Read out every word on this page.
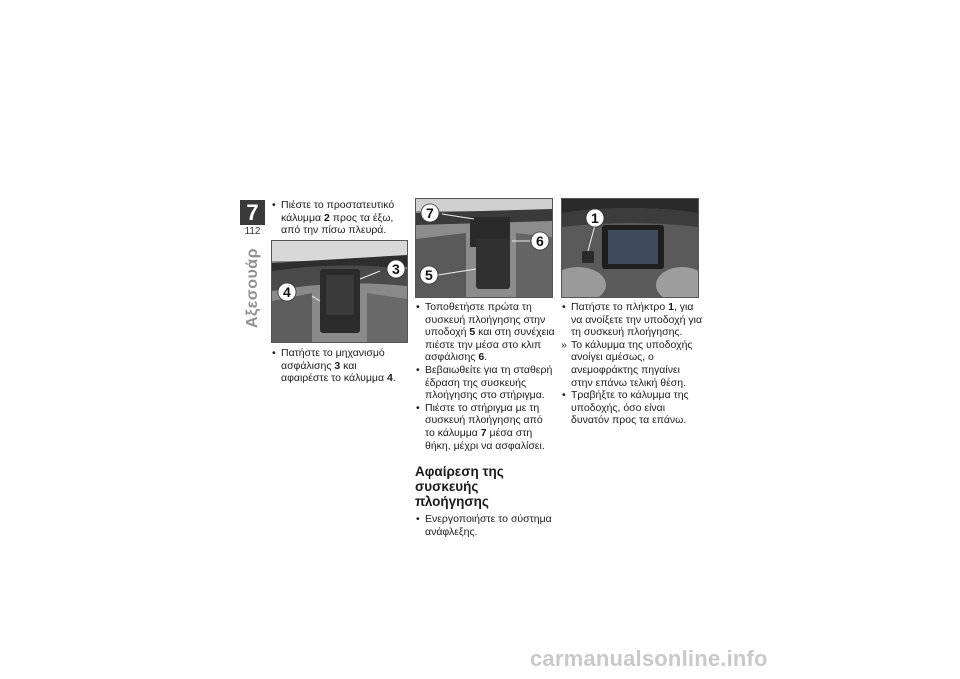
7
112
Αξεσουάρ
• Πιέστε το προστατευτικό κάλυμμα 2 προς τα έξω, από την πίσω πλευρά.
3
4
• Πατήστε το μηχανισμό ασφάλισης 3 και αφαιρέστε το κάλυμμα 4.
7
6
5
• Τοποθετήστε πρώτα τη συσκευή πλοήγησης στην υποδοχή 5 και στη συνέχεια πιέστε την μέσα στο κλιπ ασφάλισης 6.
• Βεβαιωθείτε για τη σταθερή έδραση της συσκευής πλοήγησης στο στήριγμα.
• Πιέστε το στήριγμα με τη συσκευή πλοήγησης από το κάλυμμα 7 μέσα στη θήκη, μέχρι να ασφαλίσει.
Αφαίρεση της συσκευής πλοήγησης
• Ενεργοποιήστε το σύστημα ανάφλεξης.
1
• Πατήστε το πλήκτρο 1, για να ανοίξετε την υποδοχή για τη συσκευή πλοήγησης.
» Το κάλυμμα της υποδοχής ανοίγει αμέσως, ο ανεμοφράκτης πηγαίνει στην επάνω τελική θέση.
• Τραβήξτε το κάλυμμα της υποδοχής, όσο είναι δυνατόν προς τα επάνω.
carmanualsonline.info
